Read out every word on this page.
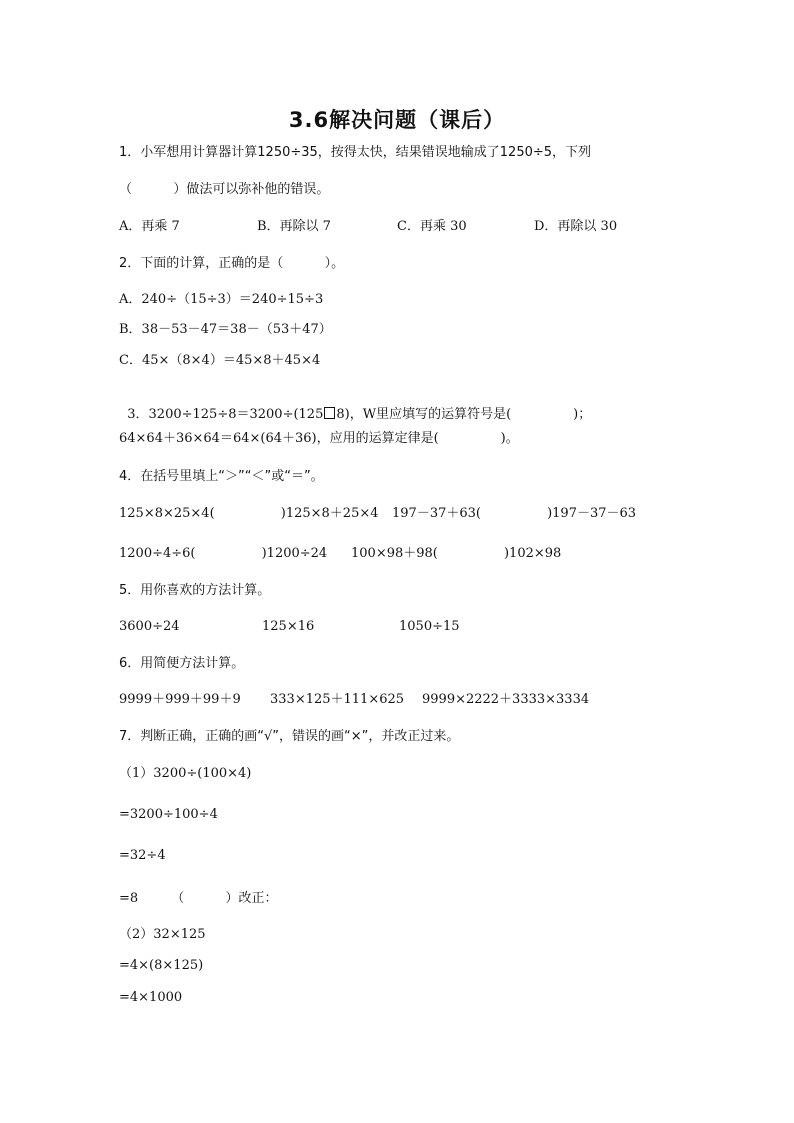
3.6解决问题（课后）
1．小军想用计算器计算1250÷35，按得太快，结果错误地输成了1250÷5，下列
（          ）做法可以弥补他的错误。
A．再乘 7	B．再除以 7	C．再乘 30	D．再除以 30
2．下面的计算，正确的是（          ）。
A．240÷（15÷3）＝240÷15÷3
B．38－53－47＝38－（53＋47）
C．45×（8×4）＝45×8＋45×4

3．3200÷125÷8＝3200÷(125 8)，W里应填写的运算符号是(               )；

64×64＋36×64＝64×(64＋36)，应用的运算定律是(               )。
4．在括号里填上“＞”“＜”或“＝”。
125×8×25×4(                )125×8＋25×4 197－37＋63(                )197－37－63
1200÷4÷6(                )1200÷24 100×98＋98(                )102×98
5．用你喜欢的方法计算。
3600÷24	125×16	1050÷15
6．用简便方法计算。
9999＋999＋99＋9 333×125＋111×625 9999×2222＋3333×3334
7．判断正确，正确的画“√”，错误的画“×”，并改正过来。
（1）3200÷(100×4)
=3200÷100÷4
=32÷4
=8        （          ）改正：
（2）32×125
=4×(8×125)
=4×1000
